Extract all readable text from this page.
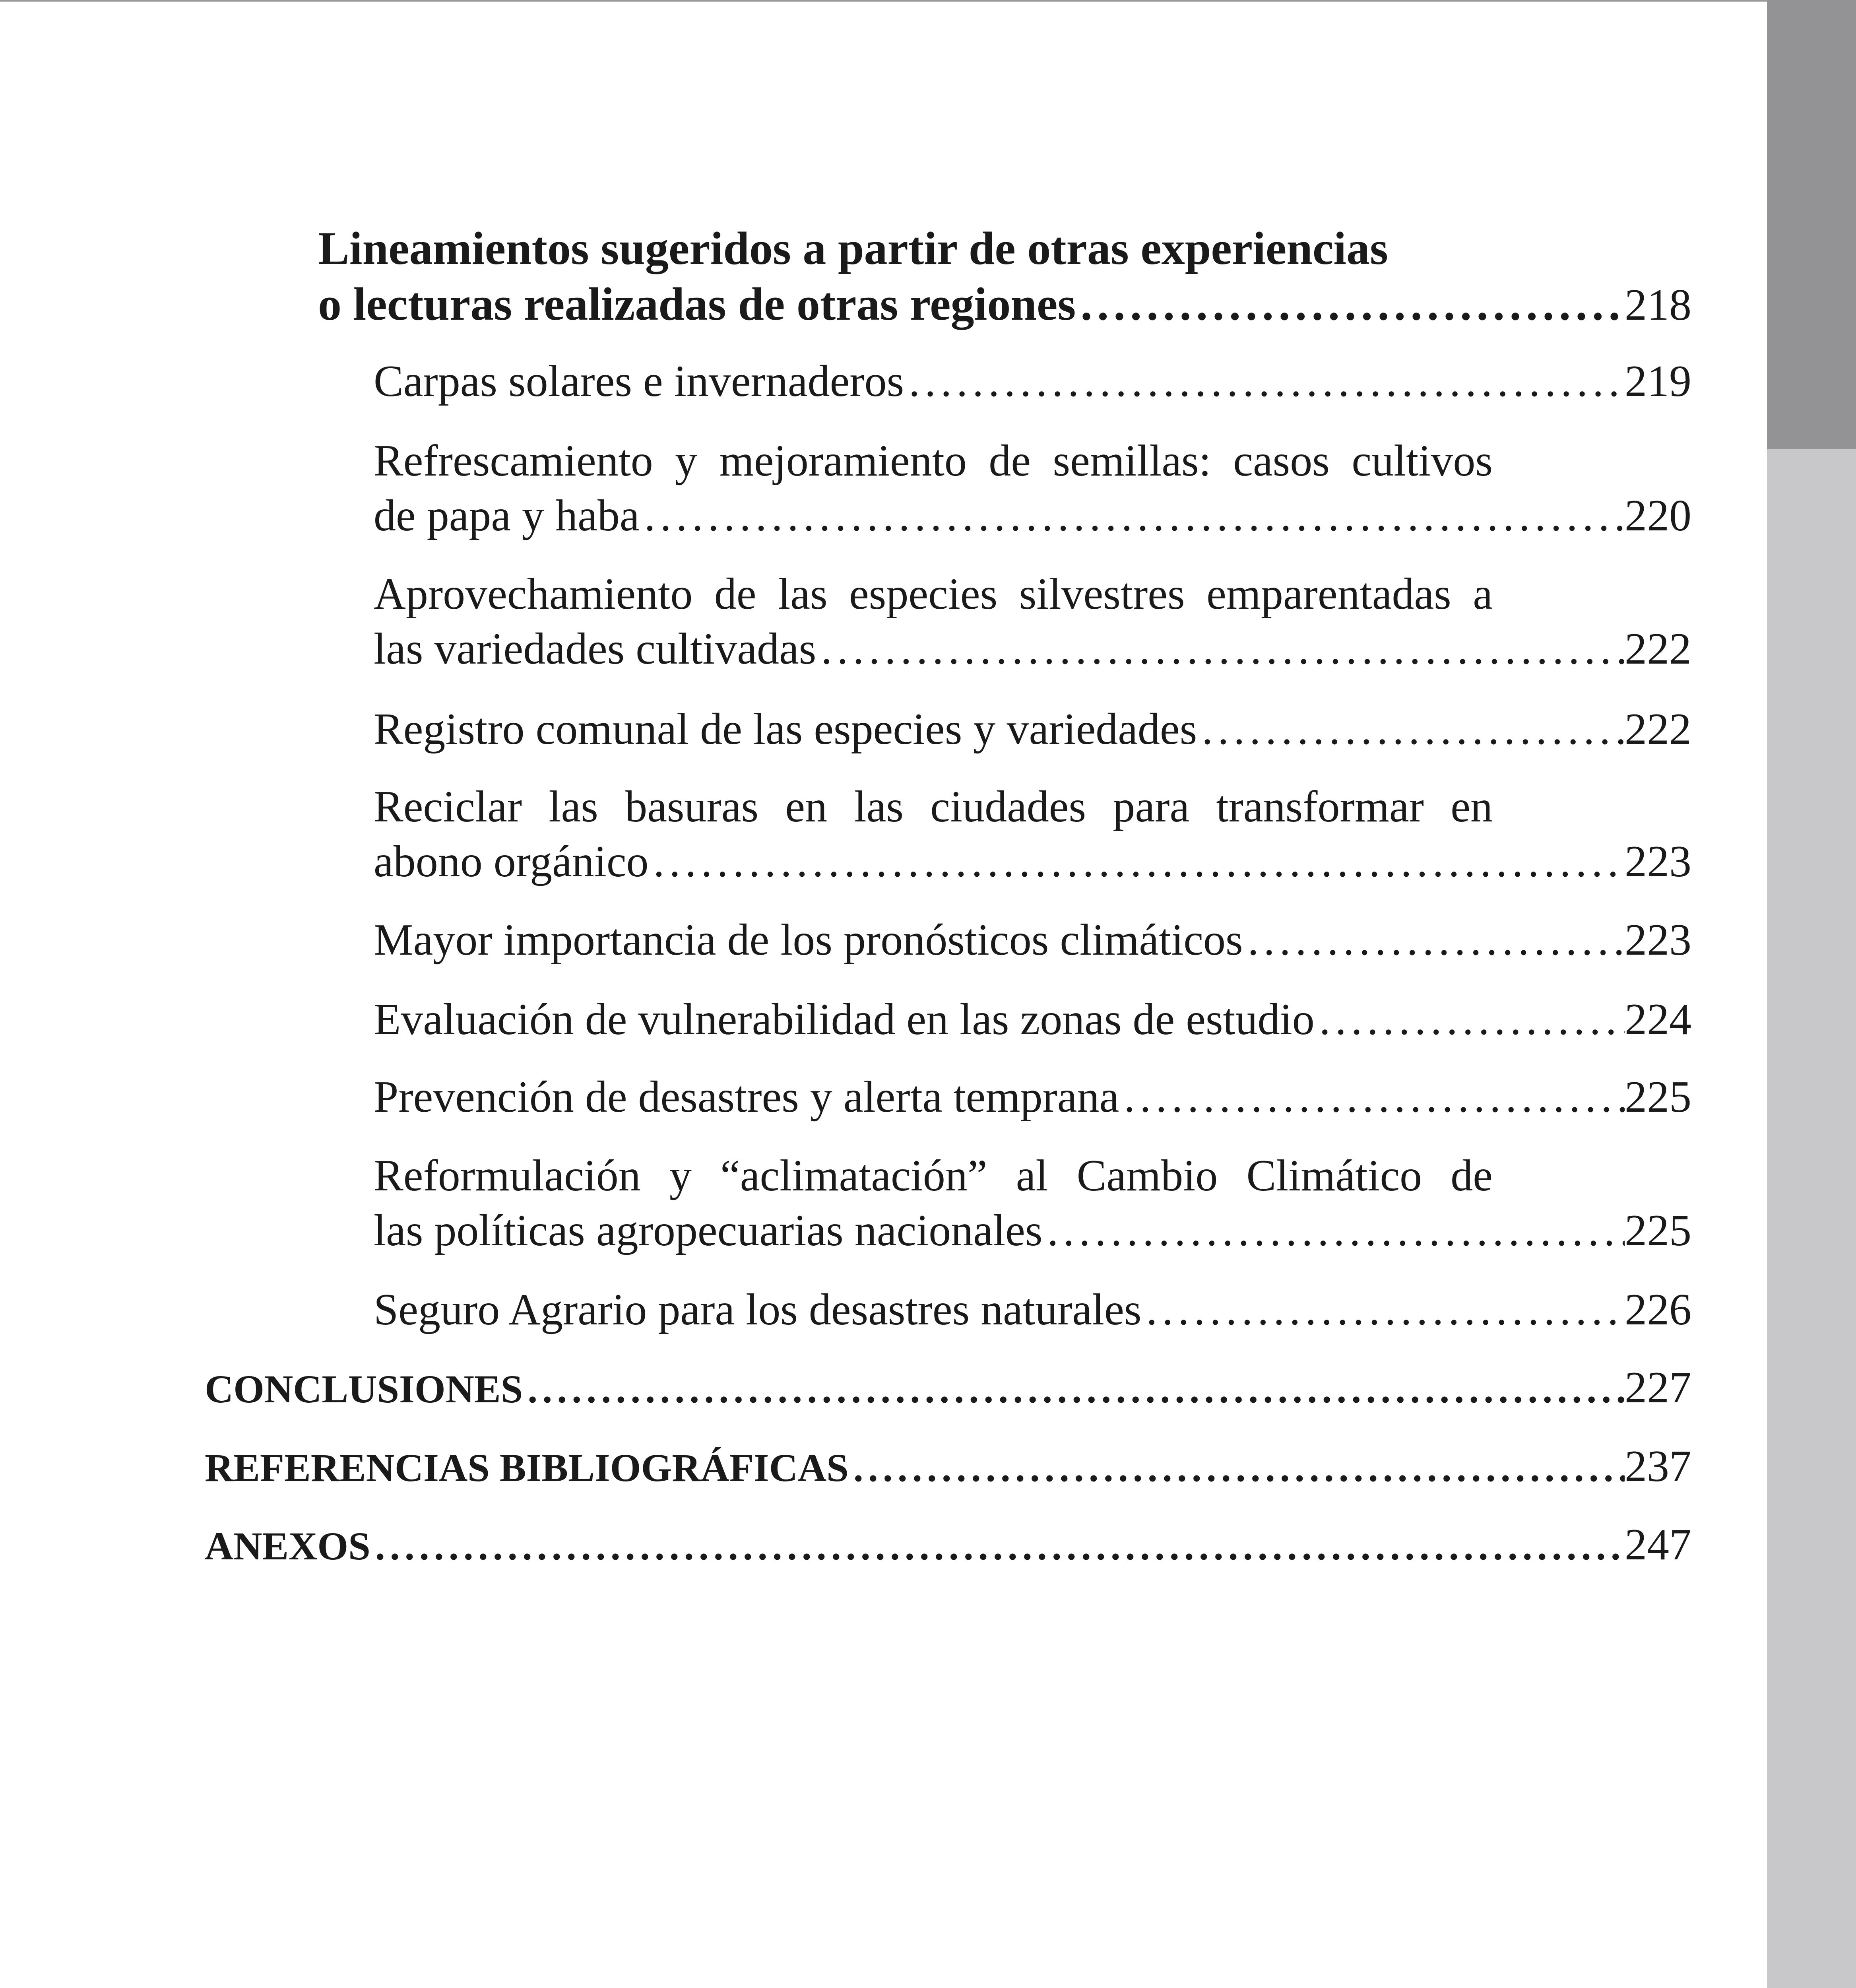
Lineamientos sugeridos a partir de otras experiencias
o lecturas realizadas de otras regiones .....	218
Carpas solares e invernaderos .....	219
Refrescamiento y mejoramiento de semillas: casos cultivos
de papa y haba .....	220
Aprovechamiento de las especies silvestres emparentadas a
las variedades cultivadas .....	222
Registro comunal de las especies y variedades .....	222
Reciclar las basuras en las ciudades para transformar en
abono orgánico .....	223
Mayor importancia de los pronósticos climáticos .....	223
Evaluación de vulnerabilidad en las zonas de estudio .....	224
Prevención de desastres y alerta temprana .....	225
Reformulación y “aclimatación” al Cambio Climático de
las políticas agropecuarias nacionales .....	225
Seguro Agrario para los desastres naturales .....	226
CONCLUSIONES .....	227
REFERENCIAS BIBLIOGRÁFICAS .....	237
ANEXOS .....	247
